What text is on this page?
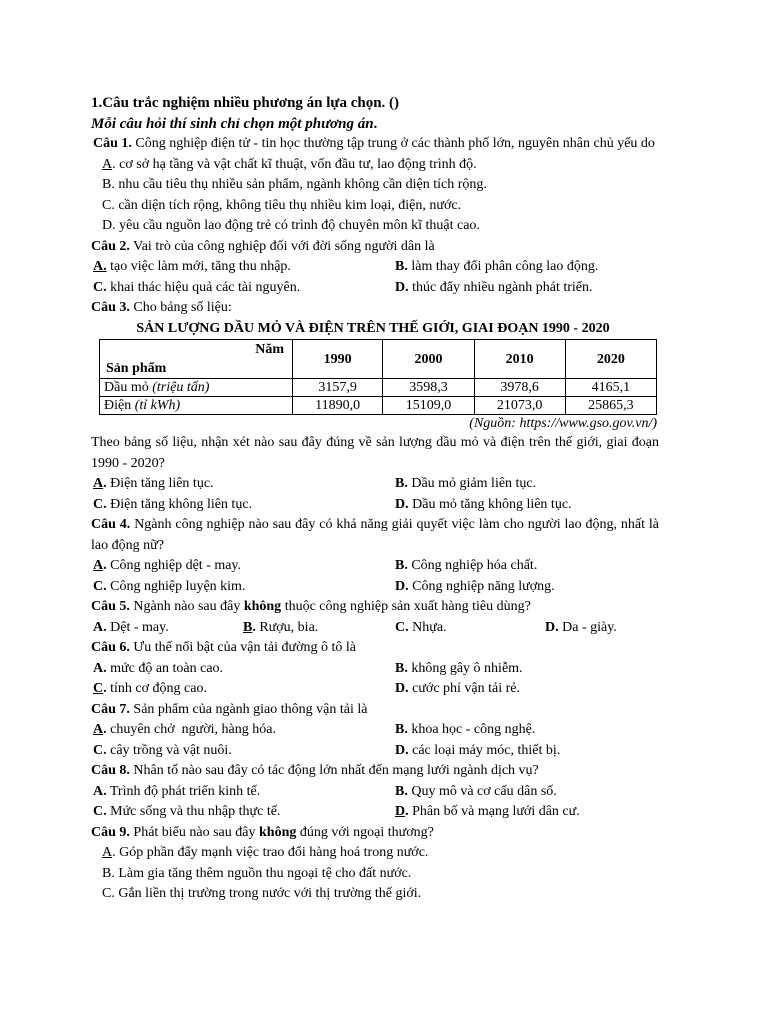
1.Câu trắc nghiệm nhiều phương án lựa chọn. ()
Mỗi câu hỏi thí sinh chỉ chọn một phương án.
Câu 1. Công nghiệp điện tử - tin học thường tập trung ở các thành phố lớn, nguyên nhân chủ yếu do
A. cơ sở hạ tầng và vật chất kĩ thuật, vốn đầu tư, lao động trình độ.
B. nhu cầu tiêu thụ nhiều sản phẩm, ngành không cần diện tích rộng.
C. cần diện tích rộng, không tiêu thụ nhiều kim loại, điện, nước.
D. yêu cầu nguồn lao động trẻ có trình độ chuyên môn kĩ thuật cao.
Câu 2. Vai trò của công nghiệp đối với đời sống người dân là
A. tạo việc làm mới, tăng thu nhập.	B. làm thay đổi phân công lao động.
C. khai thác hiệu quả các tài nguyên.	D. thúc đẩy nhiều ngành phát triển.
Câu 3. Cho bảng số liệu:
SẢN LƯỢNG DẦU MỎ VÀ ĐIỆN TRÊN THẾ GIỚI, GIAI ĐOẠN 1990 - 2020
Năm
Sản phẩm	1990	2000	2010	2020
Dầu mỏ (triệu tấn)	3157,9	3598,3	3978,6	4165,1
Điện (tỉ kWh)	11890,0	15109,0	21073,0	25865,3
(Nguồn: https://www.gso.gov.vn/)
Theo bảng số liệu, nhận xét nào sau đây đúng về sản lượng dầu mỏ và điện trên thế giới, giai đoạn 1990 - 2020?
A. Điện tăng liên tục.	B. Dầu mỏ giảm liên tục.
C. Điện tăng không liên tục.	D. Dầu mỏ tăng không liên tục.
Câu 4. Ngành công nghiệp nào sau đây có khả năng giải quyết việc làm cho người lao động, nhất là lao động nữ?
A. Công nghiệp dệt - may.	B. Công nghiệp hóa chất.
C. Công nghiệp luyện kim.	D. Công nghiệp năng lượng.
Câu 5. Ngành nào sau đây không thuộc công nghiệp sản xuất hàng tiêu dùng?
A. Dệt - may.	B. Rượu, bia.	C. Nhựa.	D. Da - giày.
Câu 6. Ưu thế nổi bật của vận tải đường ô tô là
A. mức độ an toàn cao.	B. không gây ô nhiễm.
C. tính cơ động cao.	D. cước phí vận tải rẻ.
Câu 7. Sản phẩm của ngành giao thông vận tải là
A. chuyên chở  người, hàng hóa.	B. khoa học - công nghệ.
C. cây trồng và vật nuôi.	D. các loại máy móc, thiết bị.
Câu 8. Nhân tố nào sau đây có tác động lớn nhất đến mạng lưới ngành dịch vụ?
A. Trình độ phát triển kinh tế.	B. Quy mô và cơ cấu dân số.
C. Mức sống và thu nhập thực tế.	D. Phân bố và mạng lưới dân cư.
Câu 9. Phát biểu nào sau đây không đúng với ngoại thương?
A. Góp phần đẩy mạnh việc trao đổi hàng hoá trong nước.
B. Làm gia tăng thêm nguồn thu ngoại tệ cho đất nước.
C. Gắn liền thị trường trong nước với thị trường thế giới.
